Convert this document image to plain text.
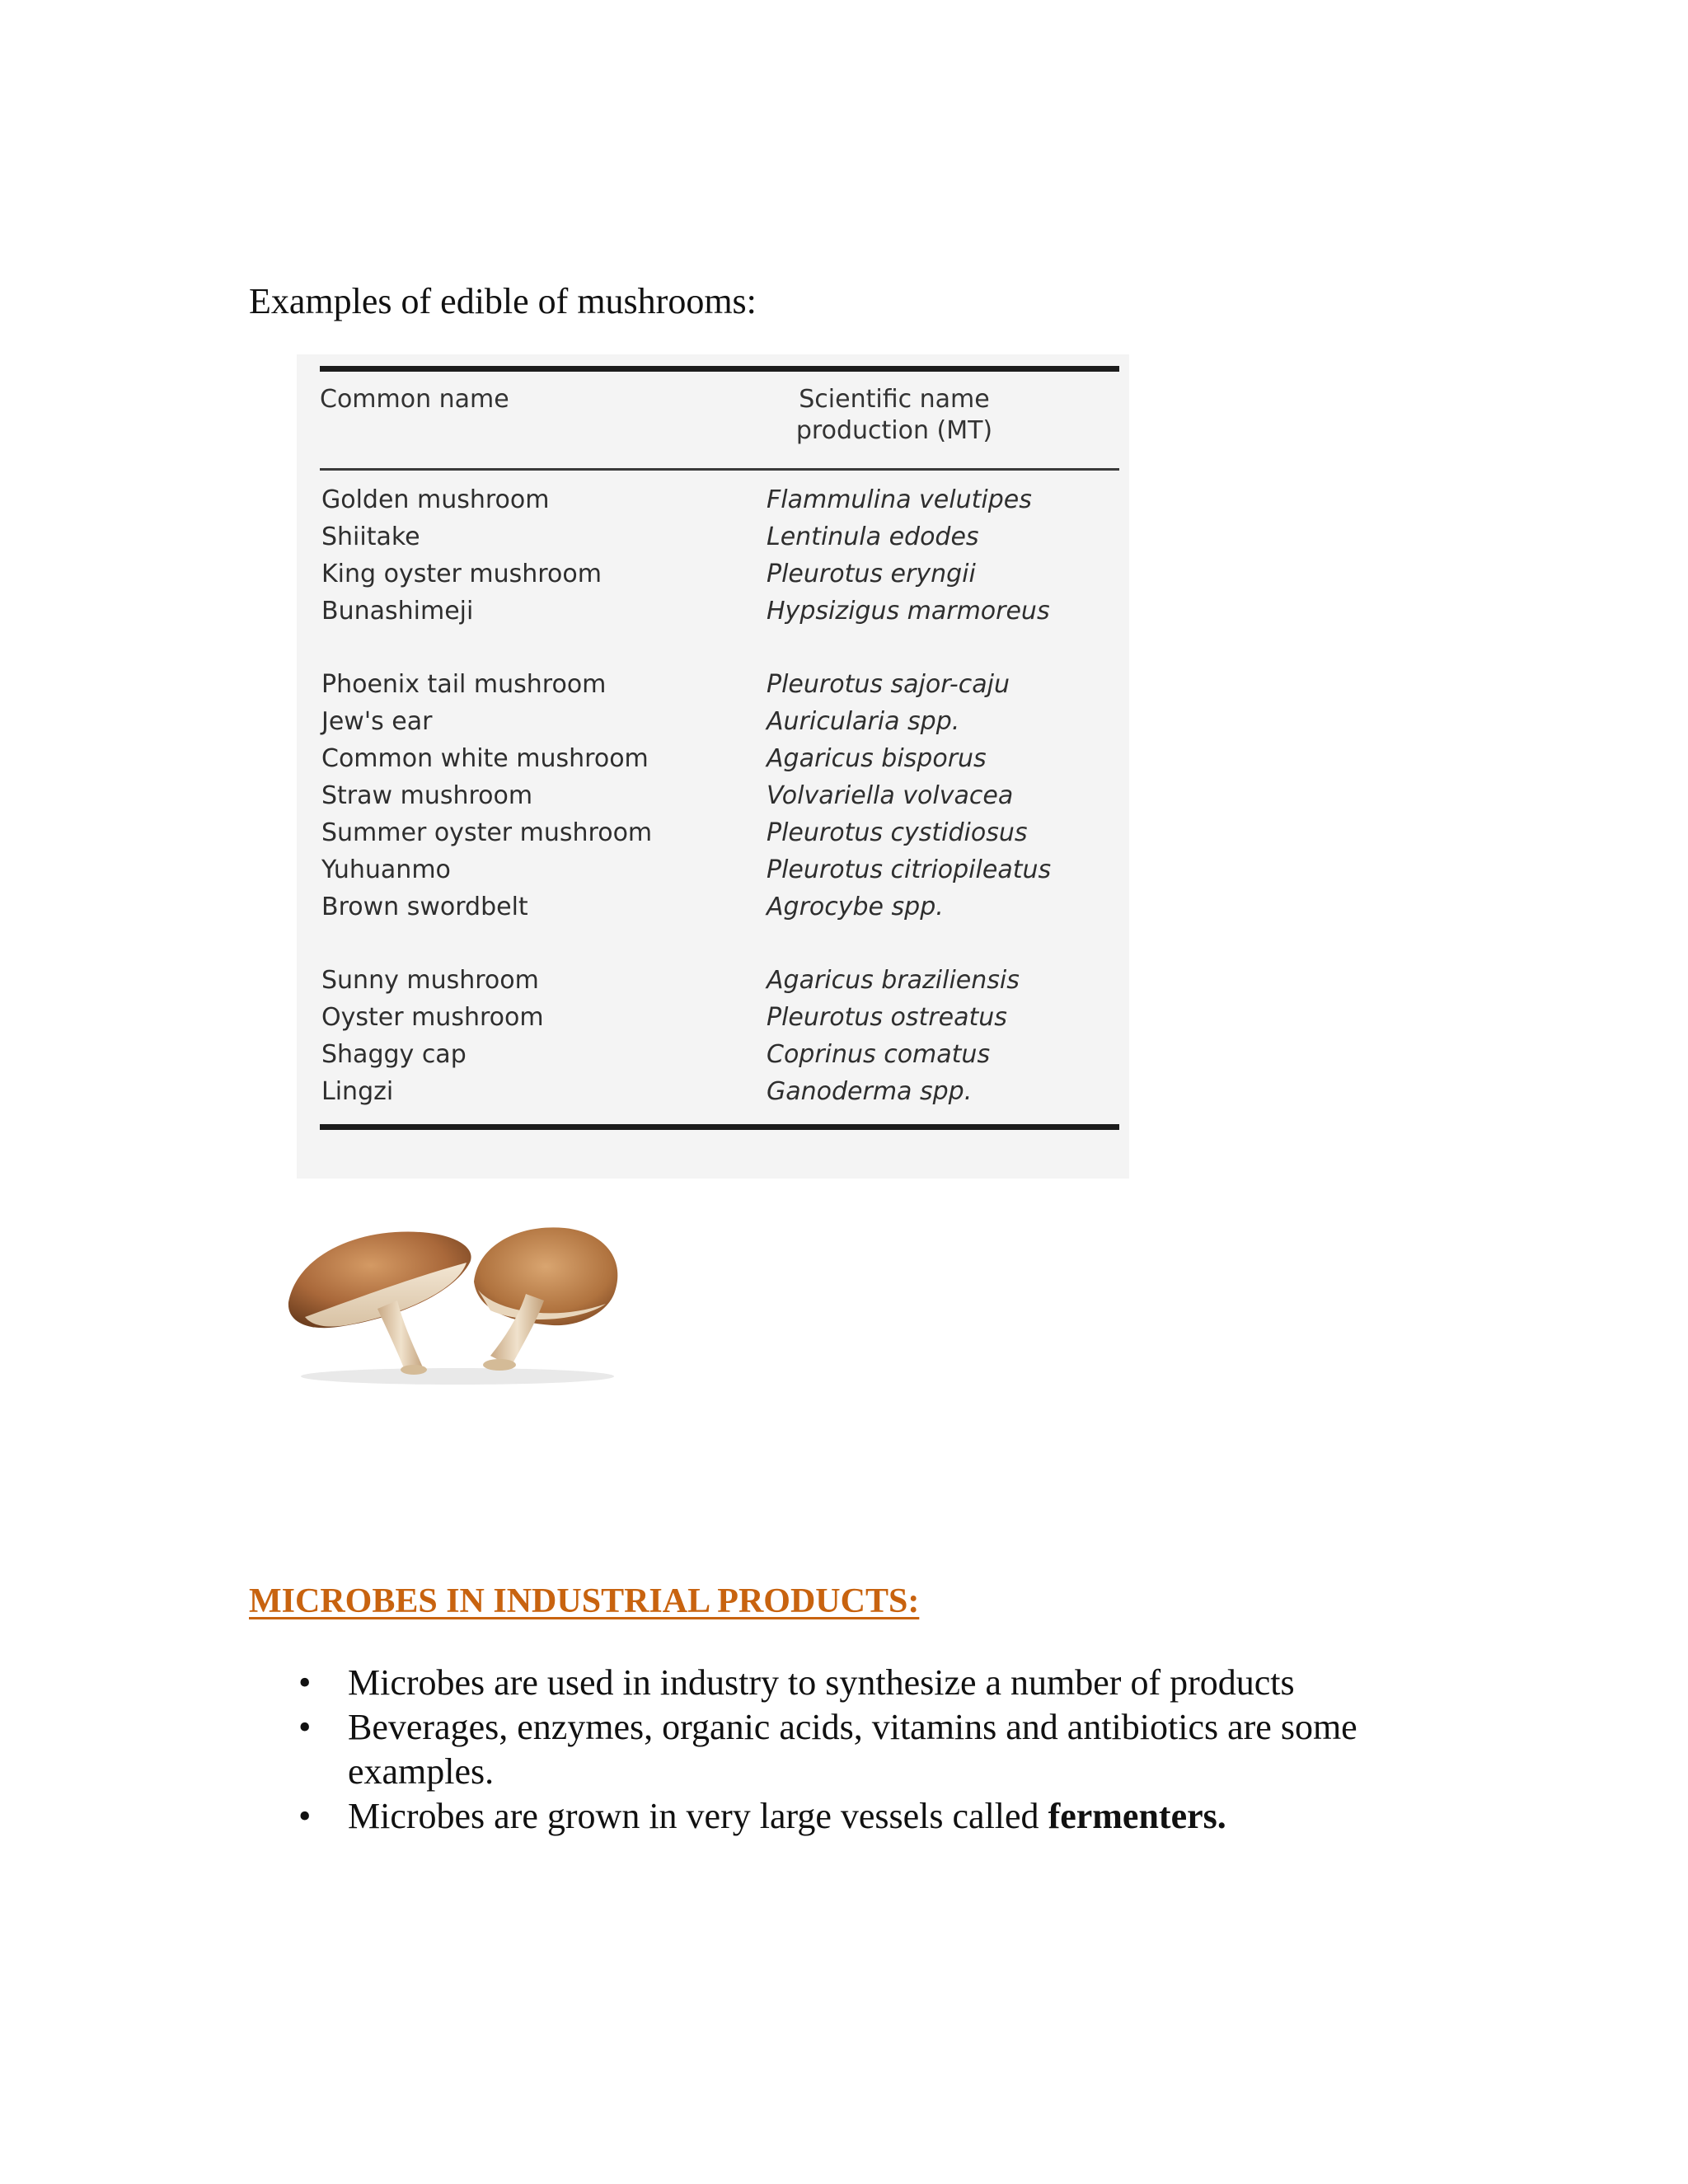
Examples of edible of mushrooms:

Common name	Scientific name
production (MT)
Golden mushroom	Flammulina velutipes
Shiitake	Lentinula edodes
King oyster mushroom	Pleurotus eryngii
Bunashimeji	Hypsizigus marmoreus
Phoenix tail mushroom	Pleurotus sajor-caju
Jew's ear	Auricularia spp.
Common white mushroom	Agaricus bisporus
Straw mushroom	Volvariella volvacea
Summer oyster mushroom	Pleurotus cystidiosus
Yuhuanmo	Pleurotus citriopileatus
Brown swordbelt	Agrocybe spp.
Sunny mushroom	Agaricus braziliensis
Oyster mushroom	Pleurotus ostreatus
Shaggy cap	Coprinus comatus
Lingzi	Ganoderma spp.
MICROBES IN INDUSTRIAL PRODUCTS:
• Microbes are used in industry to synthesize a number of products
• Beverages, enzymes, organic acids, vitamins and antibiotics are some examples.
• Microbes are grown in very large vessels called fermenters.
